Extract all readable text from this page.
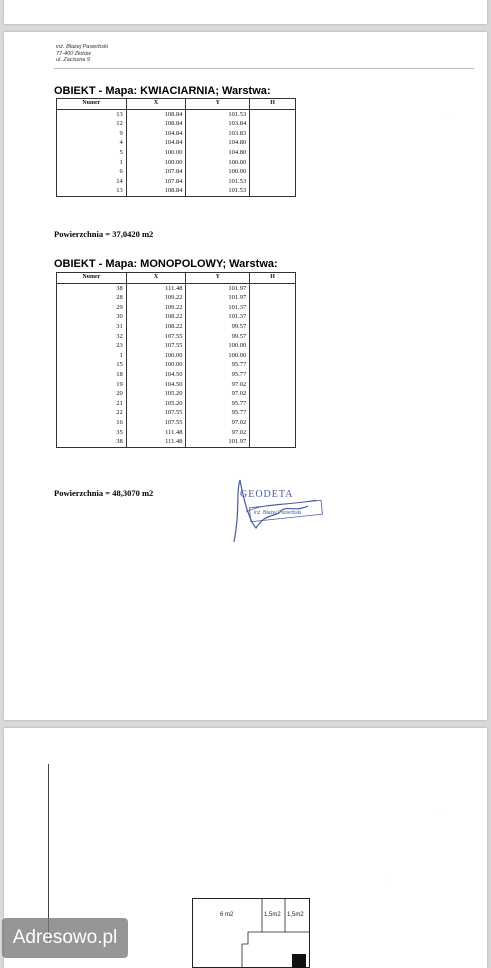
inż. Błażej Pasierbski
77-400 Złotów
ul. Zacisznа 9
OBIEKT - Mapa: KWIACIARNIA; Warstwa:
Numer	X	Y	H
13	108.84	101.53	
12	108.84	103.84	
9	104.84	103.83	
4	104.84	104.80	
5	100.00	104.80	
1	100.00	100.00	
6	107.84	100.00	
14	107.84	101.53	
13	108.84	101.53	
Powierzchnia = 37,0420 m2
OBIEKT - Mapa: MONOPOLOWY; Warstwa:
Numer	X	Y	H
38	111.48	101.97	
28	109.22	101.97	
29	109.22	101.37	
30	108.22	101.37	
31	108.22	99.57	
32	107.55	99.57	
23	107.55	100.00	
1	100.00	100.00	
15	100.00	95.77	
18	104.50	95.77	
19	104.50	97.02	
20	105.20	97.02	
21	105.20	95.77	
22	107.55	95.77	
16	107.55	97.02	
35	111.48	97.02	
38	111.48	101.97	
Powierzchnia = 48,3070 m2	GEODETA
inż. Błażej Pasierbski
· ·
· ·
·
6 m2	1,5m2 1,5m2
Adresowo.pl
